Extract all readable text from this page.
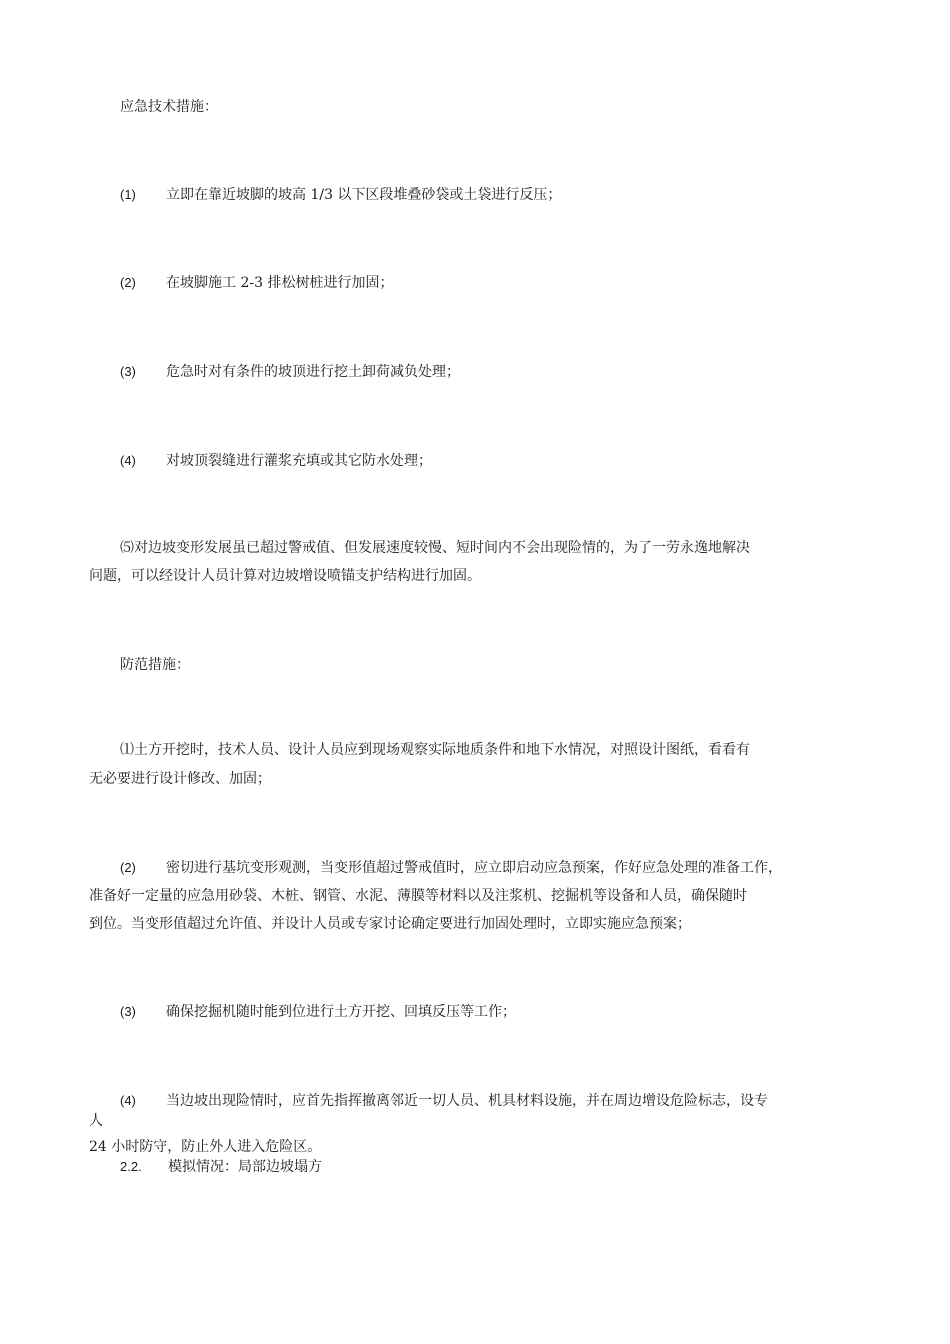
应急技术措施：
(1) 立即在靠近坡脚的坡高 1/3 以下区段堆叠砂袋或土袋进行反压；
(2) 在坡脚施工 2-3 排松树桩进行加固；
(3) 危急时对有条件的坡顶进行挖土卸荷减负处理；
(4) 对坡顶裂缝进行灌浆充填或其它防水处理；
⑸对边坡变形发展虽已超过警戒值、但发展速度较慢、短时间内不会出现险情的，为了一劳永逸地解决
问题，可以经设计人员计算对边坡增设喷锚支护结构进行加固。
防范措施：
⑴土方开挖时，技术人员、设计人员应到现场观察实际地质条件和地下水情况，对照设计图纸，看看有
无必要进行设计修改、加固；
(2) 密切进行基坑变形观测，当变形值超过警戒值时，应立即启动应急预案，作好应急处理的准备工作，
准备好一定量的应急用砂袋、木桩、钢管、水泥、薄膜等材料以及注浆机、挖掘机等设备和人员，确保随时
到位。当变形值超过允许值、并设计人员或专家讨论确定要进行加固处理时，立即实施应急预案；
(3) 确保挖掘机随时能到位进行土方开挖、回填反压等工作；
(4) 当边坡出现险情时，应首先指挥撤离邻近一切人员、机具材料设施，并在周边增设危险标志，设专
人
24 小时防守，防止外人进入危险区。
2.2. 模拟情况：局部边坡塌方
